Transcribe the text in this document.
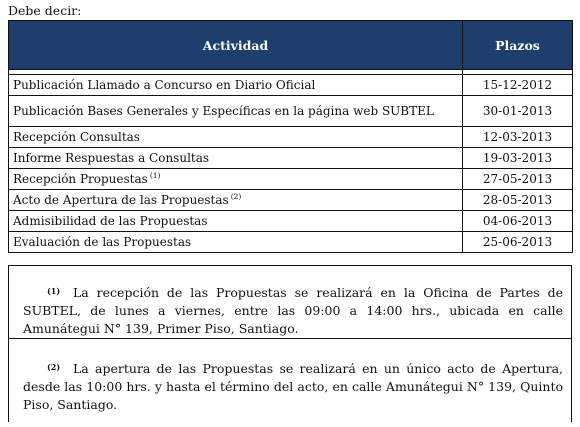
Debe decir:
Actividad	Plazos

Publicación Llamado a Concurso en Diario Oficial	15-12-2012
Publicación Bases Generales y Específicas en la página web SUBTEL	30-01-2013
Recepción Consultas	12-03-2013
Informe Respuestas a Consultas	19-03-2013
Recepción Propuestas $^{(1)}$	27-05-2013
Acto de Apertura de las Propuestas $^{(2)}$	28-05-2013
Admisibilidad de las Propuestas	04-06-2013
Evaluación de las Propuestas	25-06-2013
(1)	La recepción de las Propuestas se realizará en la Oficina de Partes de SUBTEL, de lunes a viernes, entre las 09:00 a 14:00 hrs., ubicada en calle Amunátegui N° 139, Primer Piso, Santiago.
(2)	La apertura de las Propuestas se realizará en un único acto de Apertura, desde las 10:00 hrs. y hasta el término del acto, en calle Amunátegui N° 139, Quinto Piso, Santiago.
